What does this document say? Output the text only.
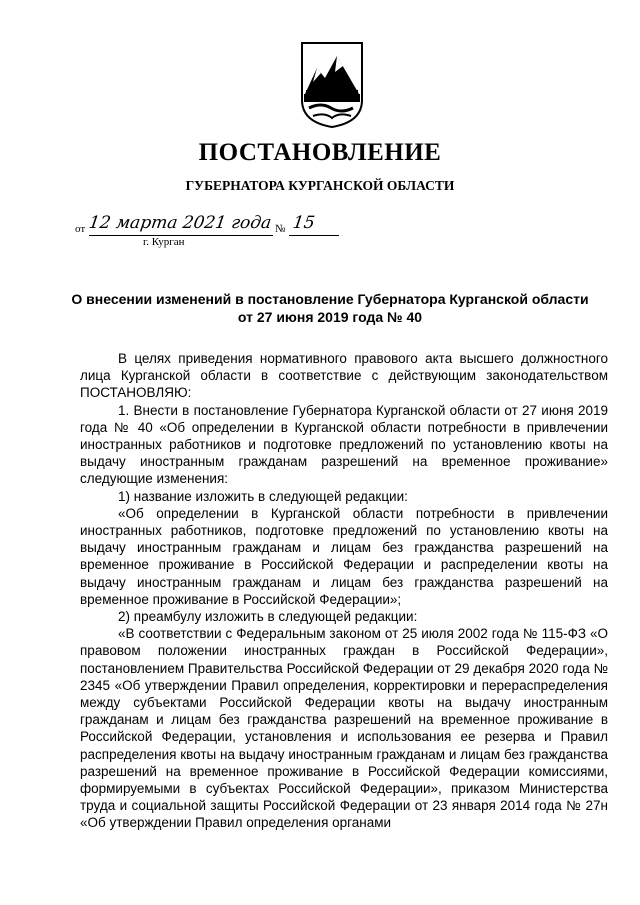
ПОСТАНОВЛЕНИЕ
ГУБЕРНАТОРА КУРГАНСКОЙ ОБЛАСТИ
от 12 марта 2021 года № 15
г. Курган
О внесении изменений в постановление Губернатора Курганской области
от 27 июня 2019 года № 40

В целях приведения нормативного правового акта высшего должностного лица Курганской области в соответствие с действующим законодательством ПОСТАНОВЛЯЮ:

1. Внести в постановление Губернатора Курганской области от 27 июня 2019 года № 40 «Об определении в Курганской области потребности в привлечении иностранных работников и подготовке предложений по установлению квоты на выдачу иностранным гражданам разрешений на временное проживание» следующие изменения:

1) название изложить в следующей редакции:

«Об определении в Курганской области потребности в привлечении иностранных работников, подготовке предложений по установлению квоты на выдачу иностранным гражданам и лицам без гражданства разрешений на временное проживание в Российской Федерации и распределении квоты на выдачу иностранным гражданам и лицам без гражданства разрешений на временное проживание в Российской Федерации»;

2) преамбулу изложить в следующей редакции:

«В соответствии с Федеральным законом от 25 июля 2002 года № 115-ФЗ «О правовом положении иностранных граждан в Российской Федерации», постановлением Правительства Российской Федерации от 29 декабря 2020 года № 2345 «Об утверждении Правил определения, корректировки и перераспределения между субъектами Российской Федерации квоты на выдачу иностранным гражданам и лицам без гражданства разрешений на временное проживание в Российской Федерации, установления и использования ее резерва и Правил распределения квоты на выдачу иностранным гражданам и лицам без гражданства разрешений на временное проживание в Российской Федерации комиссиями, формируемыми в субъектах Российской Федерации», приказом Министерства труда и социальной защиты Российской Федерации от 23 января 2014 года № 27н «Об утверждении Правил определения органами
